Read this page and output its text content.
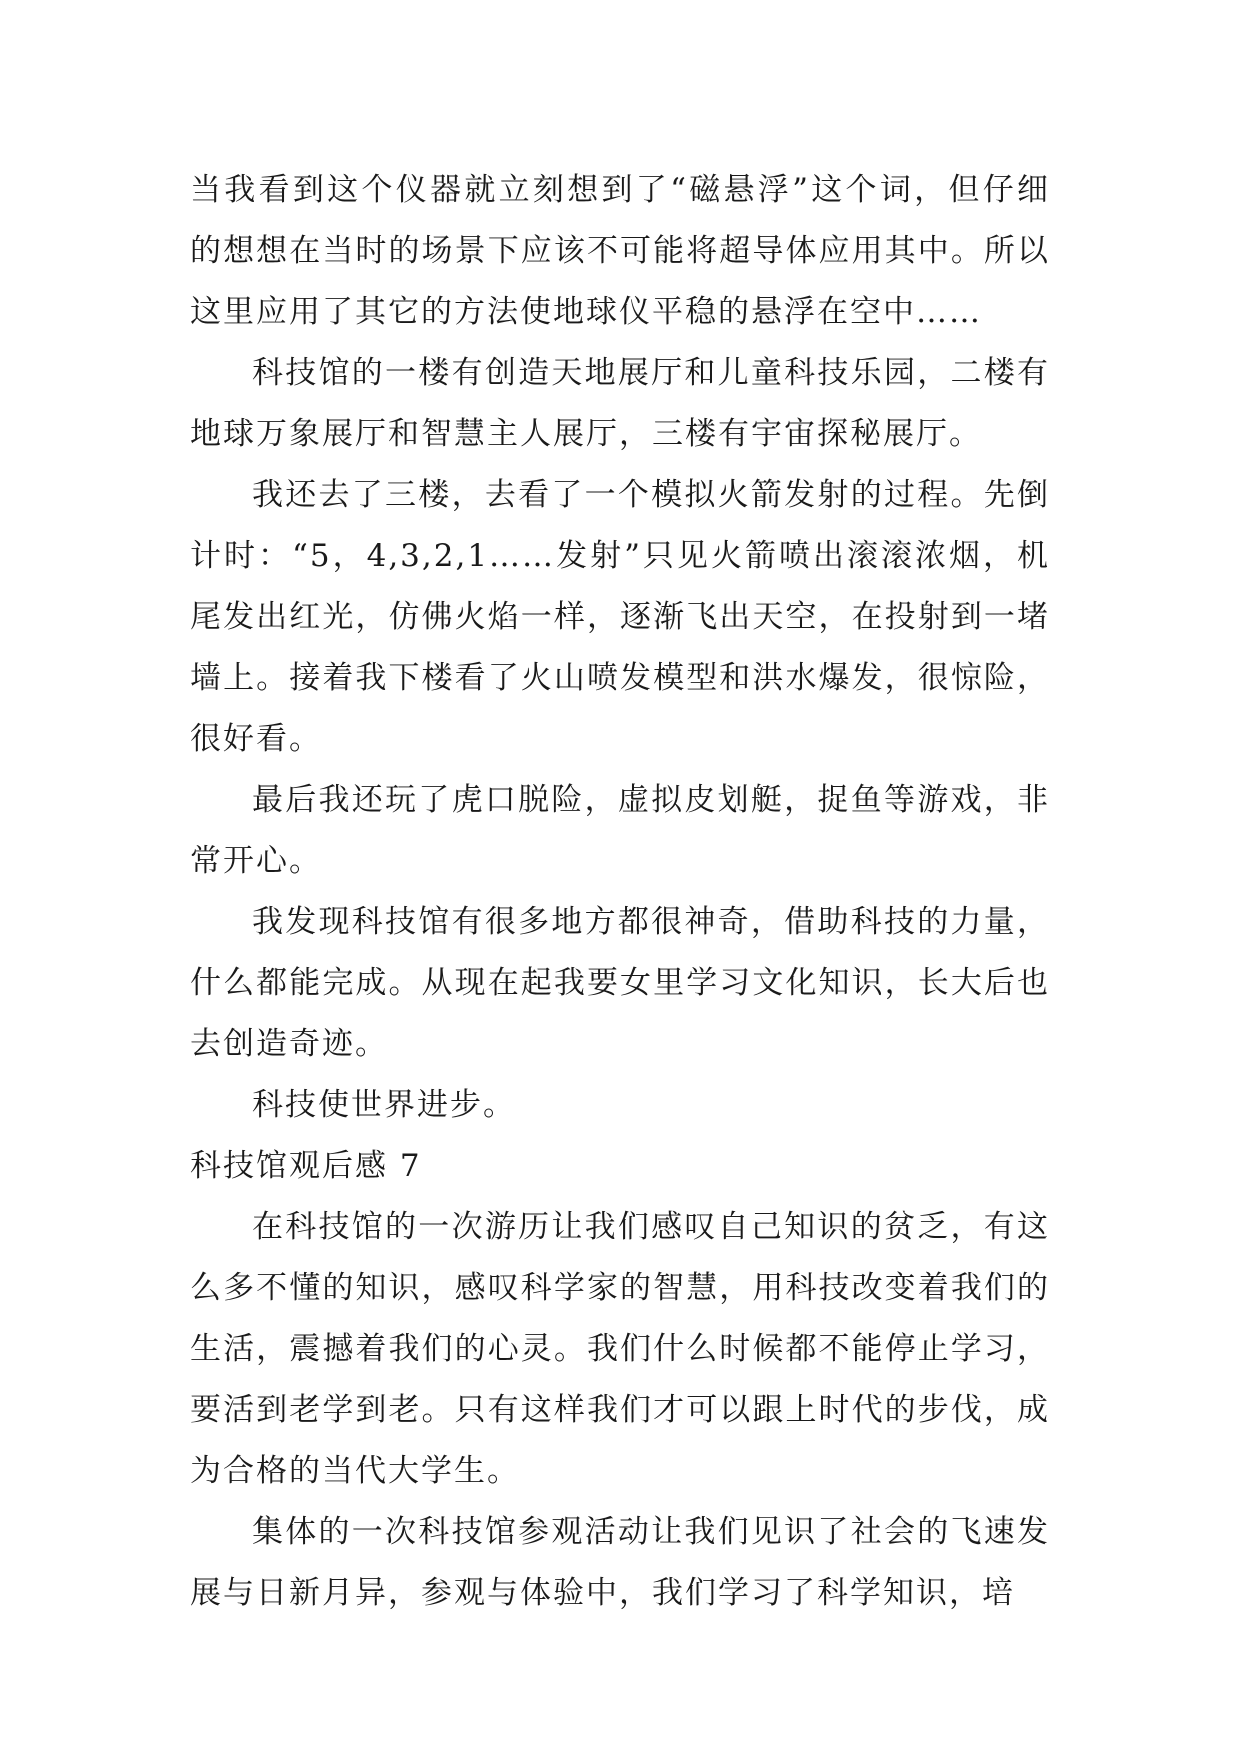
当我看到这个仪器就立刻想到了“磁悬浮”这个词，但仔细的想想在当时的场景下应该不可能将超导体应用其中。所以这里应用了其它的方法使地球仪平稳的悬浮在空中……

科技馆的一楼有创造天地展厅和儿童科技乐园，二楼有地球万象展厅和智慧主人展厅，三楼有宇宙探秘展厅。

我还去了三楼，去看了一个模拟火箭发射的过程。先倒计时：“5，4,3,2,1……发射”只见火箭喷出滚滚浓烟，机尾发出红光，仿佛火焰一样，逐渐飞出天空，在投射到一堵墙上。接着我下楼看了火山喷发模型和洪水爆发，很惊险，很好看。

最后我还玩了虎口脱险，虚拟皮划艇，捉鱼等游戏，非常开心。

我发现科技馆有很多地方都很神奇，借助科技的力量，什么都能完成。从现在起我要女里学习文化知识，长大后也去创造奇迹。

科技使世界进步。

科技馆观后感 7

在科技馆的一次游历让我们感叹自己知识的贫乏，有这么多不懂的知识，感叹科学家的智慧，用科技改变着我们的生活，震撼着我们的心灵。我们什么时候都不能停止学习，要活到老学到老。只有这样我们才可以跟上时代的步伐，成为合格的当代大学生。

集体的一次科技馆参观活动让我们见识了社会的飞速发展与日新月异，参观与体验中，我们学习了科学知识，培
